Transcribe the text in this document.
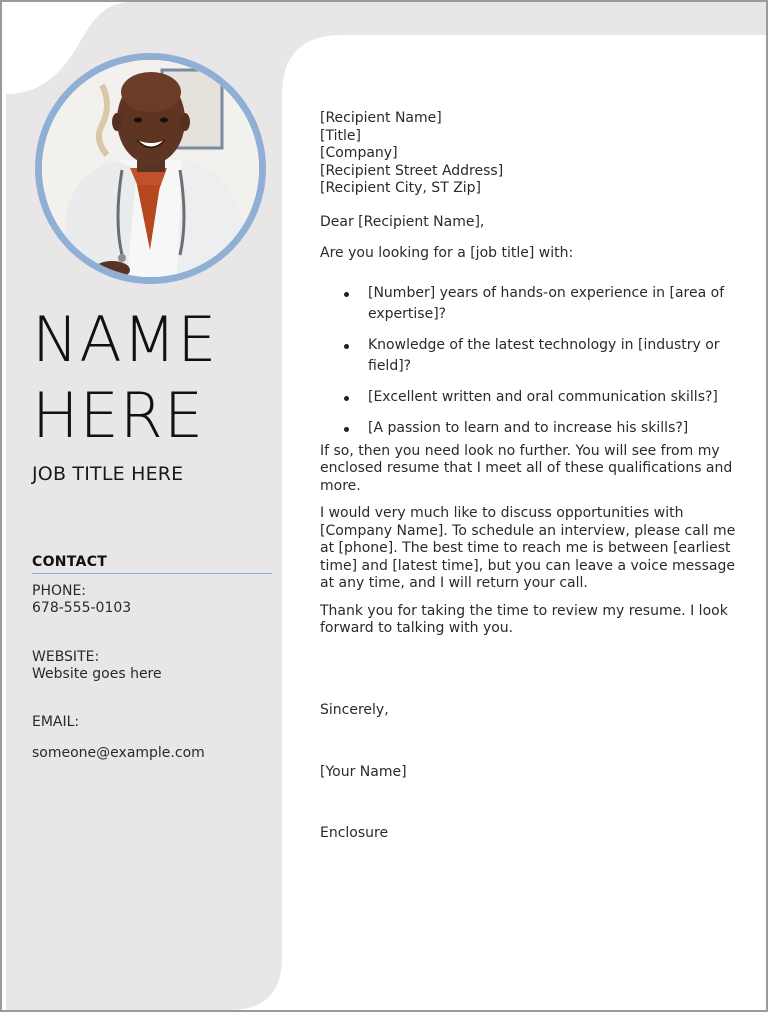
NAME
HERE
JOB TITLE HERE
CONTACT
PHONE:
678-555-0103
WEBSITE:
Website goes here
EMAIL:
someone@example.com
[Recipient Name]
[Title]
[Company]
[Recipient Street Address]
[Recipient City, ST Zip]

Dear [Recipient Name],

Are you looking for a [job title] with:

[Number] years of hands-on experience in [area of expertise]?
Knowledge of the latest technology in [industry or field]?
[Excellent written and oral communication skills?]
[A passion to learn and to increase his skills?]

If so, then you need look no further. You will see from my enclosed resume that I meet all of these qualifications and more.

I would very much like to discuss opportunities with [Company Name]. To schedule an interview, please call me at [phone]. The best time to reach me is between [earliest time] and [latest time], but you can leave a voice message at any time, and I will return your call.

Thank you for taking the time to review my resume. I look forward to talking with you.

Sincerely,
[Your Name]
Enclosure
